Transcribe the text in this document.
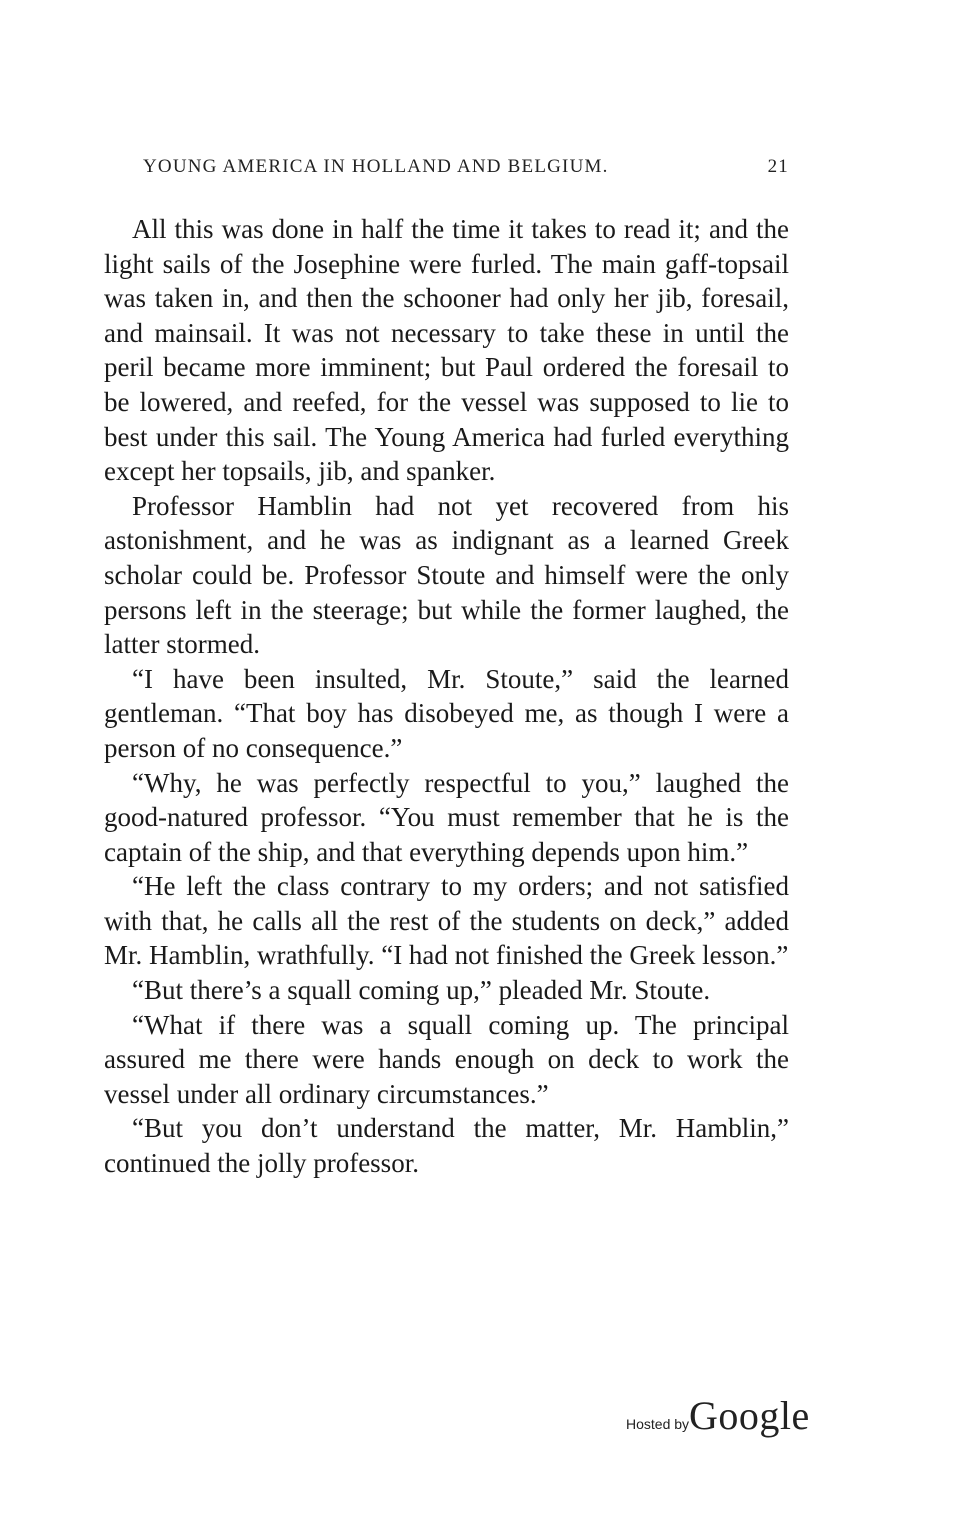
YOUNG AMERICA IN HOLLAND AND BELGIUM.	21

All this was done in half the time it takes to read it; and the light sails of the Josephine were furled. The main gaff-topsail was taken in, and then the schooner had only her jib, foresail, and mainsail. It was not necessary to take these in until the peril became more imminent; but Paul ordered the foresail to be lowered, and reefed, for the vessel was supposed to lie to best under this sail. The Young America had furled everything except her topsails, jib, and spanker.

Professor Hamblin had not yet recovered from his astonishment, and he was as indignant as a learned Greek scholar could be. Professor Stoute and himself were the only persons left in the steerage; but while the former laughed, the latter stormed.

“I have been insulted, Mr. Stoute,” said the learned gentleman. “That boy has disobeyed me, as though I were a person of no consequence.”

“Why, he was perfectly respectful to you,” laughed the good-natured professor. “You must remember that he is the captain of the ship, and that everything depends upon him.”

“He left the class contrary to my orders; and not satisfied with that, he calls all the rest of the students on deck,” added Mr. Hamblin, wrathfully. “I had not finished the Greek lesson.”

“But there’s a squall coming up,” pleaded Mr. Stoute.

“What if there was a squall coming up. The principal assured me there were hands enough on deck to work the vessel under all ordinary circumstances.”

“But you don’t understand the matter, Mr. Hamblin,” continued the jolly professor.

Hosted byGoogle
